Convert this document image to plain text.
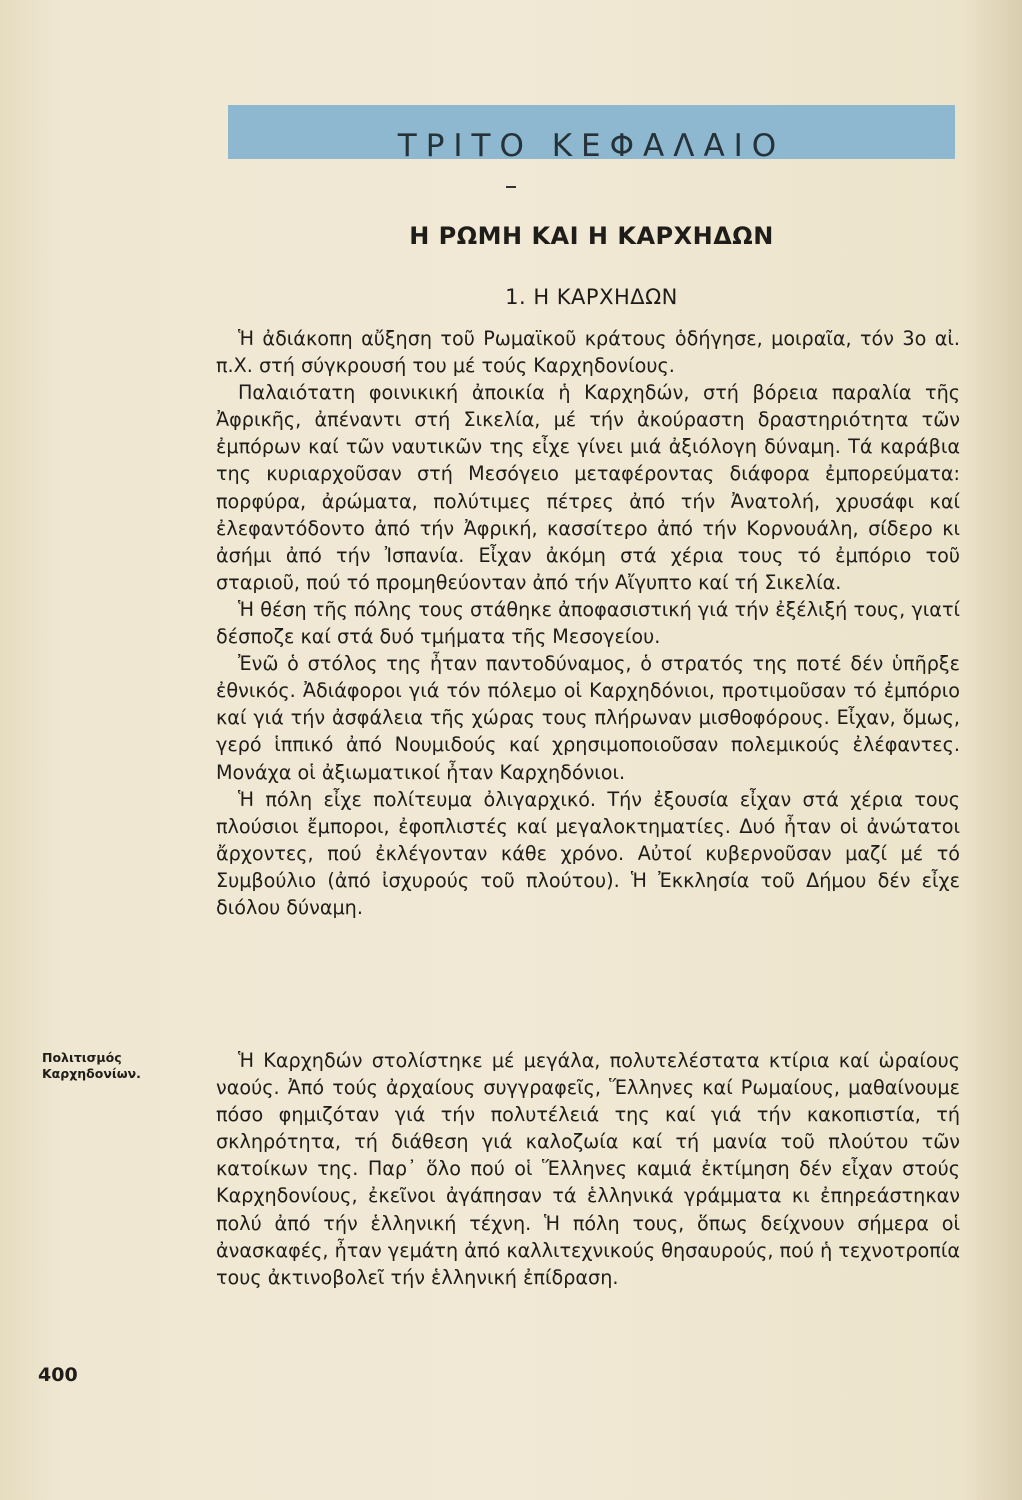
ΤΡΙΤΟ ΚΕΦΑΛΑΙΟ
Η ΡΩΜΗ ΚΑΙ Η ΚΑΡΧΗΔΩΝ
1. Η ΚΑΡΧΗΔΩΝ

Ἡ ἀδιάκοπη αὔξηση τοῦ Ρωμαϊκοῦ κράτους ὁδήγησε, μοιραῖα, τόν 3ο αἰ. π.Χ. στή σύγκρουσή του μέ τούς Καρχηδονίους.

Παλαιότατη φοινικική ἀποικία ἡ Καρχηδών, στή βόρεια παραλία τῆς Ἀφρικῆς, ἀπέναντι στή Σικελία, μέ τήν ἀκούραστη δραστηριότητα τῶν ἐμπόρων καί τῶν ναυτικῶν της εἶχε γίνει μιά ἀξιόλογη δύναμη. Τά καράβια της κυριαρχοῦσαν στή Μεσόγειο μεταφέροντας διάφορα ἐμπορεύματα: πορφύρα, ἀρώματα, πολύτιμες πέτρες ἀπό τήν Ἀνατολή, χρυσάφι καί ἐλεφαντόδοντο ἀπό τήν Ἀφρική, κασσίτερο ἀπό τήν Κορνουάλη, σίδερο κι ἀσήμι ἀπό τήν Ἰσπανία. Εἶχαν ἀκόμη στά χέρια τους τό ἐμπόριο τοῦ σταριοῦ, πού τό προμηθεύονταν ἀπό τήν Αἴγυπτο καί τή Σικελία.

Ἡ θέση τῆς πόλης τους στάθηκε ἀποφασιστική γιά τήν ἐξέλιξή τους, γιατί δέσποζε καί στά δυό τμήματα τῆς Μεσογείου.

Ἐνῶ ὁ στόλος της ἦταν παντοδύναμος, ὁ στρατός της ποτέ δέν ὑπῆρξε ἐθνικός. Ἀδιάφοροι γιά τόν πόλεμο οἱ Καρχηδόνιοι, προτιμοῦσαν τό ἐμπόριο καί γιά τήν ἀσφάλεια τῆς χώρας τους πλήρωναν μισθοφόρους. Εἶχαν, ὅμως, γερό ἱππικό ἀπό Νουμιδούς καί χρησιμοποιοῦσαν πολεμικούς ἐλέφαντες. Μονάχα οἱ ἀξιωματικοί ἦταν Καρχηδόνιοι.

Ἡ πόλη εἶχε πολίτευμα ὀλιγαρχικό. Τήν ἐξουσία εἶχαν στά χέρια τους πλούσιοι ἔμποροι, ἐφοπλιστές καί μεγαλοκτηματίες. Δυό ἦταν οἱ ἀνώτατοι ἄρχοντες, πού ἐκλέγονταν κάθε χρόνο. Αὐτοί κυβερνοῦσαν μαζί μέ τό Συμβούλιο (ἀπό ἰσχυρούς τοῦ πλούτου). Ἡ Ἐκκλησία τοῦ Δήμου δέν εἶχε διόλου δύναμη.

Πολιτισμός Καρχηδονίων.

Ἡ Καρχηδών στολίστηκε μέ μεγάλα, πολυτελέστατα κτίρια καί ὡραίους ναούς. Ἀπό τούς ἀρχαίους συγγραφεῖς, Ἕλληνες καί Ρωμαίους, μαθαίνουμε πόσο φημιζόταν γιά τήν πολυτέλειά της καί γιά τήν κακοπιστία, τή σκληρότητα, τή διάθεση γιά καλοζωία καί τή μανία τοῦ πλούτου τῶν κατοίκων της. Παρ᾽ ὅλο πού οἱ Ἕλληνες καμιά ἐκτίμηση δέν εἶχαν στούς Καρχηδονίους, ἐκεῖνοι ἀγάπησαν τά ἑλληνικά γράμματα κι ἐπηρεάστηκαν πολύ ἀπό τήν ἑλληνική τέχνη. Ἡ πόλη τους, ὅπως δείχνουν σήμερα οἱ ἀνασκαφές, ἦταν γεμάτη ἀπό καλλιτεχνικούς θησαυρούς, πού ἡ τεχνοτροπία τους ἀκτινοβολεῖ τήν ἑλληνική ἐπίδραση.

400
